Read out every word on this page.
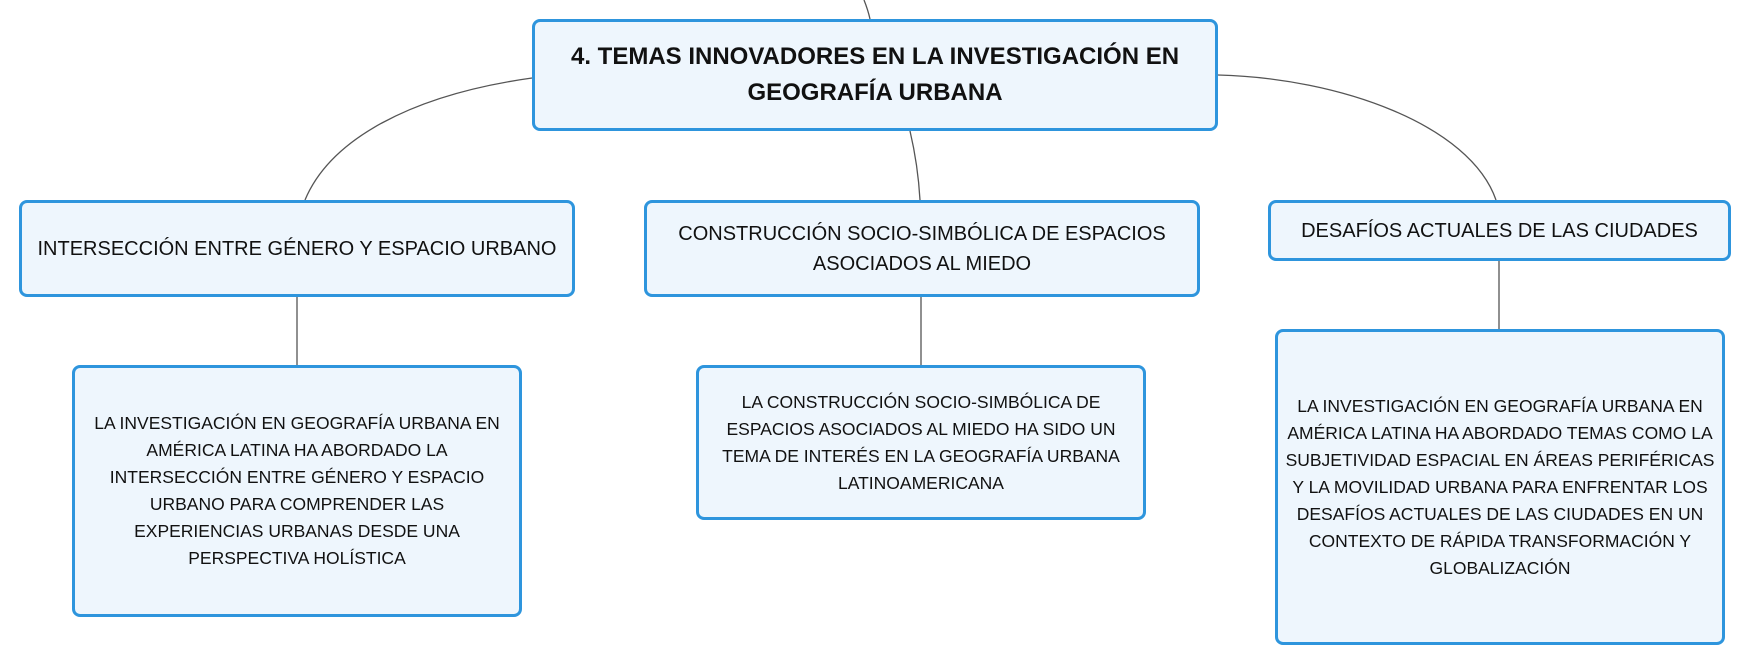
4. TEMAS INNOVADORES EN LA INVESTIGACIÓN EN GEOGRAFÍA URBANA
INTERSECCIÓN ENTRE GÉNERO Y ESPACIO URBANO
CONSTRUCCIÓN SOCIO-SIMBÓLICA DE ESPACIOS ASOCIADOS AL MIEDO
DESAFÍOS ACTUALES DE LAS CIUDADES
LA INVESTIGACIÓN EN GEOGRAFÍA URBANA EN AMÉRICA LATINA HA ABORDADO LA INTERSECCIÓN ENTRE GÉNERO Y ESPACIO URBANO PARA COMPRENDER LAS EXPERIENCIAS URBANAS DESDE UNA PERSPECTIVA HOLÍSTICA
LA CONSTRUCCIÓN SOCIO-SIMBÓLICA DE ESPACIOS ASOCIADOS AL MIEDO HA SIDO UN TEMA DE INTERÉS EN LA GEOGRAFÍA URBANA LATINOAMERICANA
LA INVESTIGACIÓN EN GEOGRAFÍA URBANA EN AMÉRICA LATINA HA ABORDADO TEMAS COMO LA SUBJETIVIDAD ESPACIAL EN ÁREAS PERIFÉRICAS Y LA MOVILIDAD URBANA PARA ENFRENTAR LOS DESAFÍOS ACTUALES DE LAS CIUDADES EN UN CONTEXTO DE RÁPIDA TRANSFORMACIÓN Y GLOBALIZACIÓN
